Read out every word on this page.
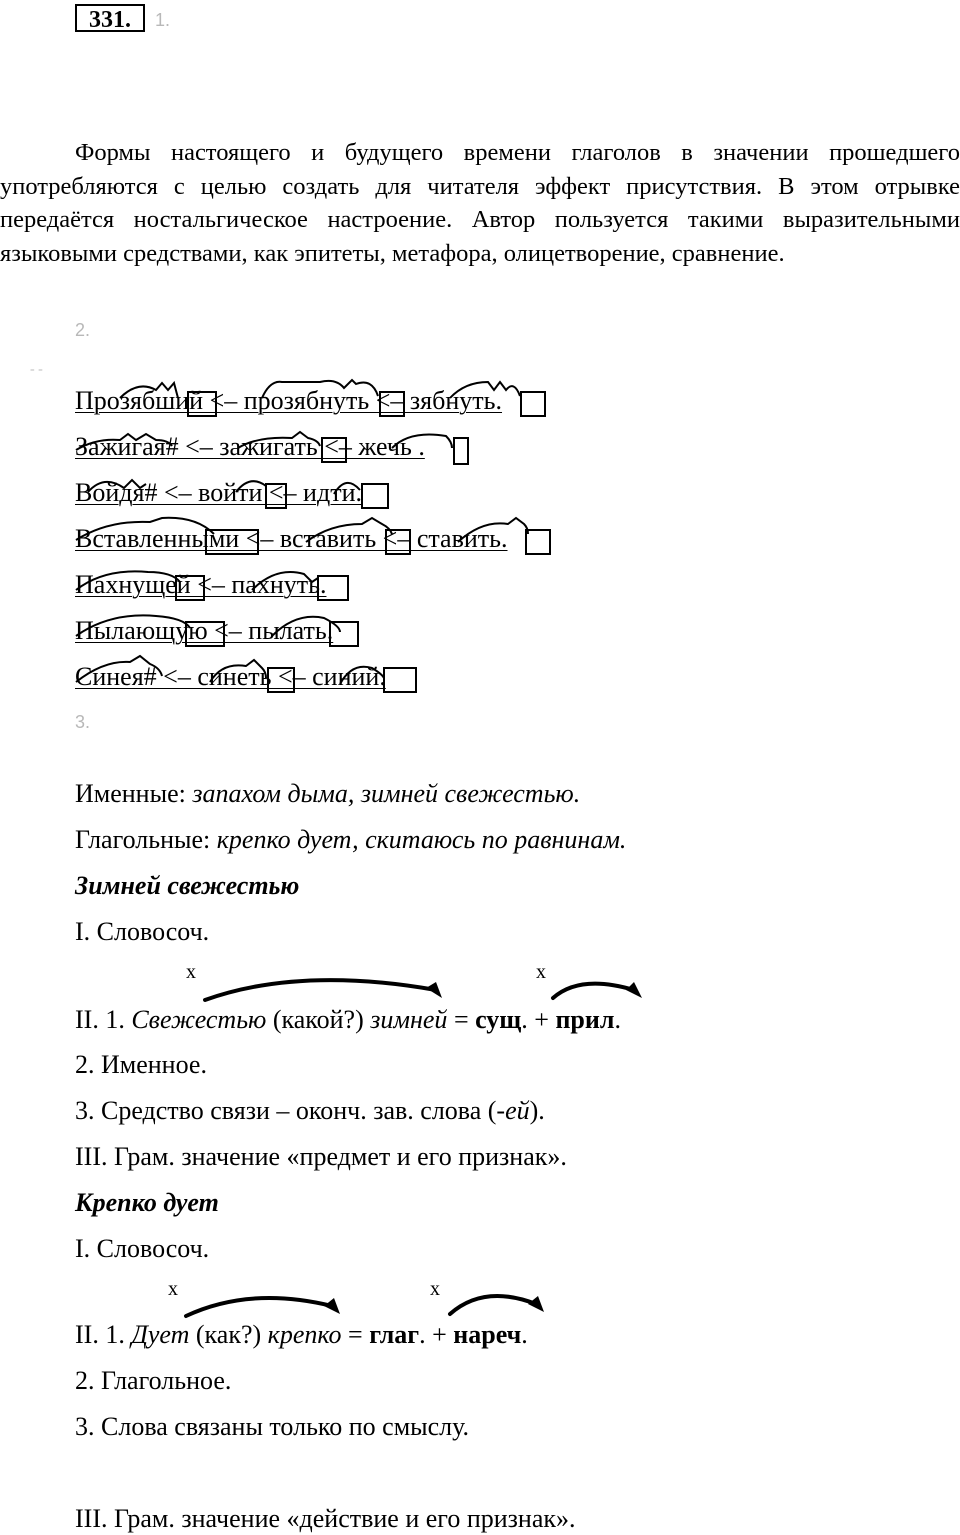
331.	1.
Формы настоящего и будущего времени глаголов в значении прошедшего употребляются с целью создать для читателя эффект присутствия. В этом отрывке передаётся ностальгическое настроение. Автор пользуется такими выразительными языковыми средствами, как эпитеты, метафора, олицетворение, сравнение.
2.
- -
Прозябший <– прозябнуть <– зябнуть.
Зажигая# <– зажигать <– жечь .
Войдя# <– войти <– идти.
Вставленными <– вставить <– ставить.
Пахнущей <– пахнуть.
Пылающую <– пылать.
Синея# <– синеть <– синий.
3.
Именные: запахом дыма, зимней свежестью.
Глагольные: крепко дует, скитаюсь по равнинам.
Зимней свежестью
I. Словосоч.
x	x
II. 1. Свежестью (какой?) зимней = сущ. + прил.
2. Именное.
3. Средство связи – оконч. зав. слова (-ей).
III. Грам. значение «предмет и его признак».
Крепко дует
I. Словосоч.
x	x
II. 1. Дует (как?) крепко = глаг. + нареч.
2. Глагольное.
3. Слова связаны только по смыслу.
III. Грам. значение «действие и его признак».
